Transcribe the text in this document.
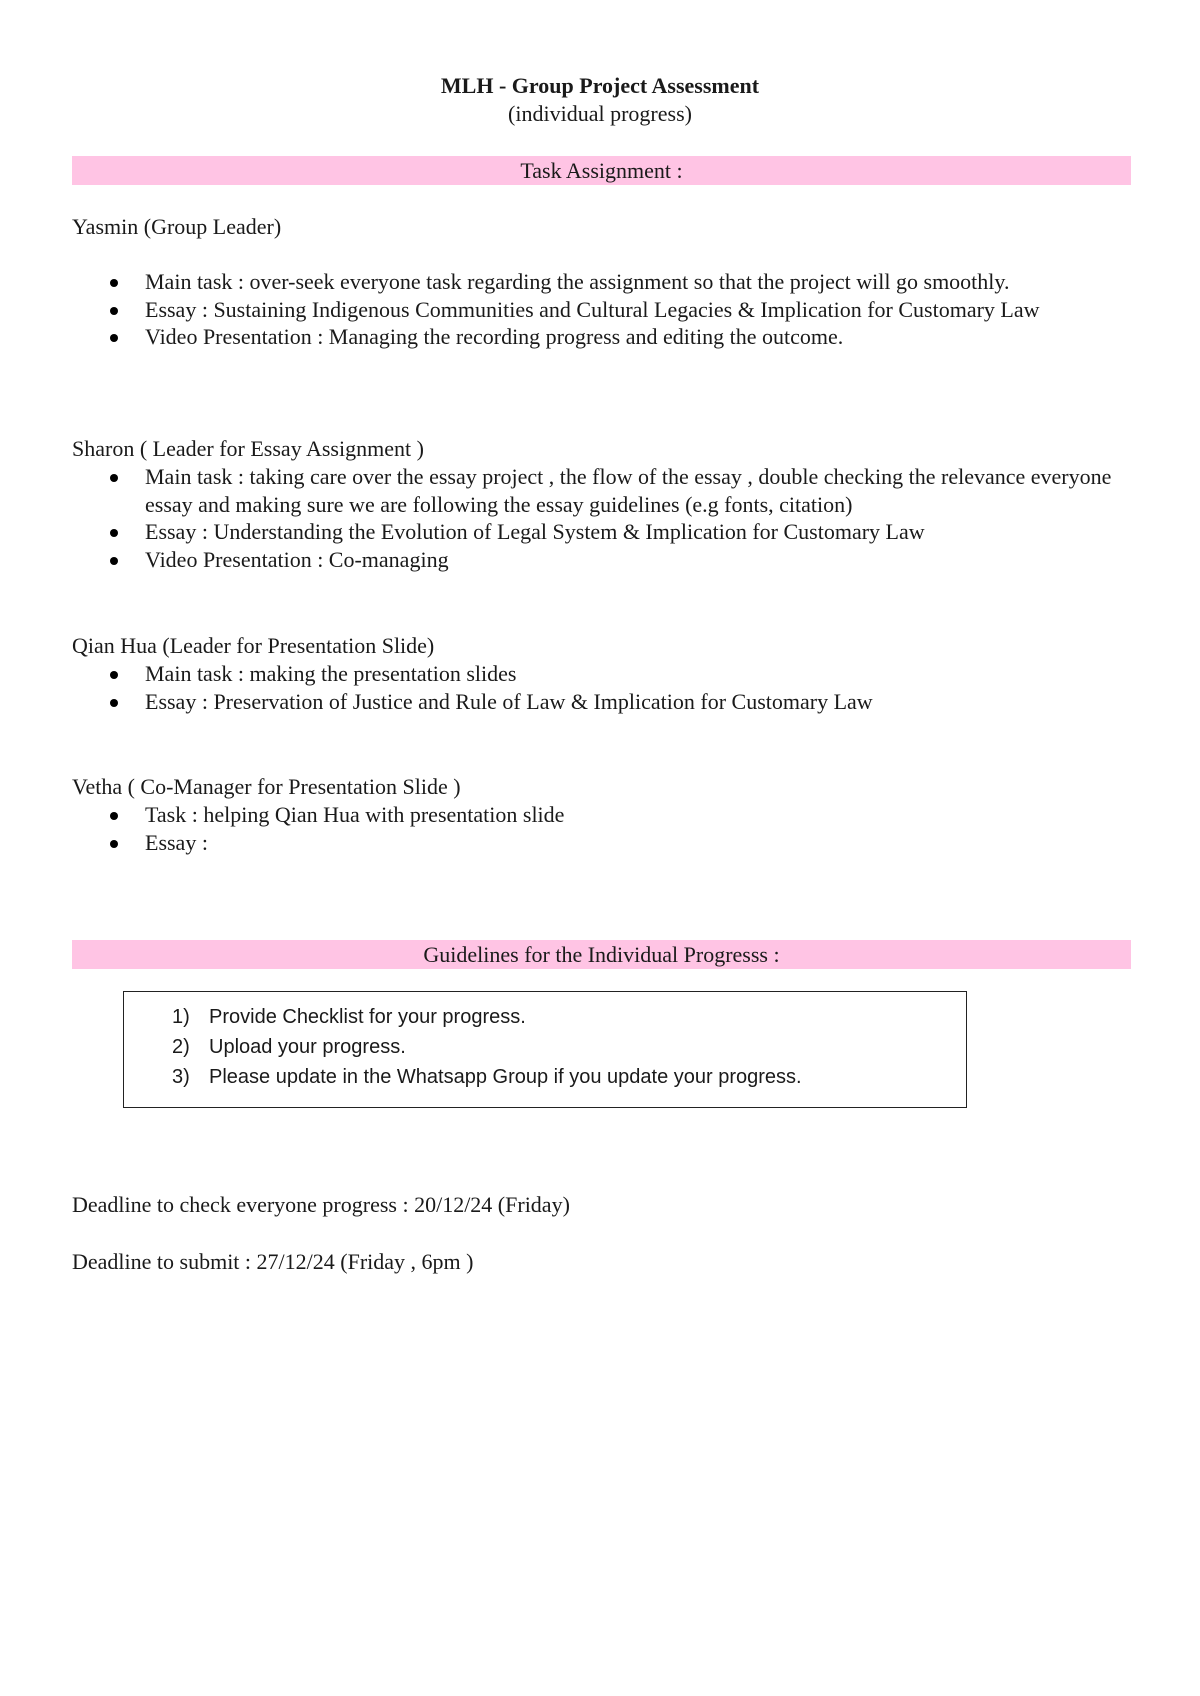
MLH - Group Project Assessment
(individual progress)
Task Assignment :

Yasmin (Group Leader)

Main task : over-seek everyone task regarding the assignment so that the project will go smoothly.
Essay : Sustaining Indigenous Communities and Cultural Legacies & Implication for Customary Law
Video Presentation : Managing the recording progress and editing the outcome.

Sharon ( Leader for Essay Assignment )

Main task : taking care over the essay project , the flow of the essay , double checking the relevance everyone essay and making sure we are following the essay guidelines (e.g fonts, citation)
Essay : Understanding the Evolution of Legal System & Implication for Customary Law
Video Presentation : Co-managing

Qian Hua (Leader for Presentation Slide)

Main task : making the presentation slides
Essay : Preservation of Justice and Rule of Law & Implication for Customary Law

Vetha ( Co-Manager for Presentation Slide )

Task : helping Qian Hua with presentation slide
Essay :
Guidelines for the Individual Progresss :
1) Provide Checklist for your progress.
2) Upload your progress.
3) Please update in the Whatsapp Group if you update your progress.
Deadline to check everyone progress : 20/12/24 (Friday)
Deadline to submit : 27/12/24 (Friday , 6pm )
